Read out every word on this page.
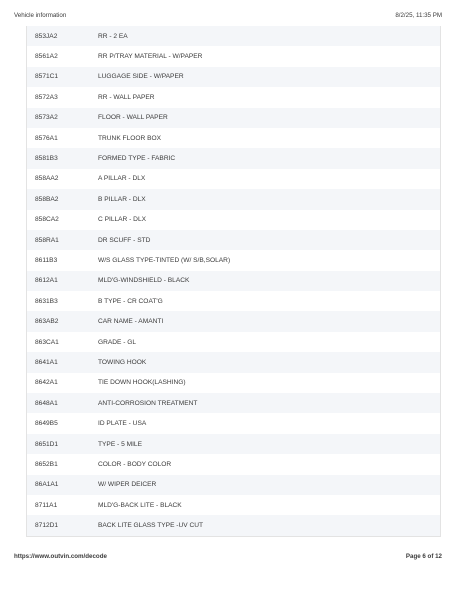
Vehicle information	8/2/25, 11:35 PM
853JA2	RR - 2 EA
8561A2	RR P/TRAY MATERIAL - W/PAPER
8571C1	LUGGAGE SIDE - W/PAPER
8572A3	RR - WALL PAPER
8573A2	FLOOR - WALL PAPER
8576A1	TRUNK FLOOR BOX
8581B3	FORMED TYPE - FABRIC
858AA2	A PILLAR - DLX
858BA2	B PILLAR - DLX
858CA2	C PILLAR - DLX
858RA1	DR SCUFF - STD
8611B3	W/S GLASS TYPE-TINTED (W/ S/B,SOLAR)
8612A1	MLD'G-WINDSHIELD - BLACK
8631B3	B TYPE - CR COAT'G
863AB2	CAR NAME - AMANTI
863CA1	GRADE - GL
8641A1	TOWING HOOK
8642A1	TIE DOWN HOOK(LASHING)
8648A1	ANTI-CORROSION TREATMENT
8649B5	ID PLATE - USA
8651D1	TYPE - 5 MILE
8652B1	COLOR - BODY COLOR
86A1A1	W/ WIPER DEICER
8711A1	MLD'G-BACK LITE - BLACK
8712D1	BACK LITE GLASS TYPE -UV CUT
https://www.outvin.com/decode	Page 6 of 12
